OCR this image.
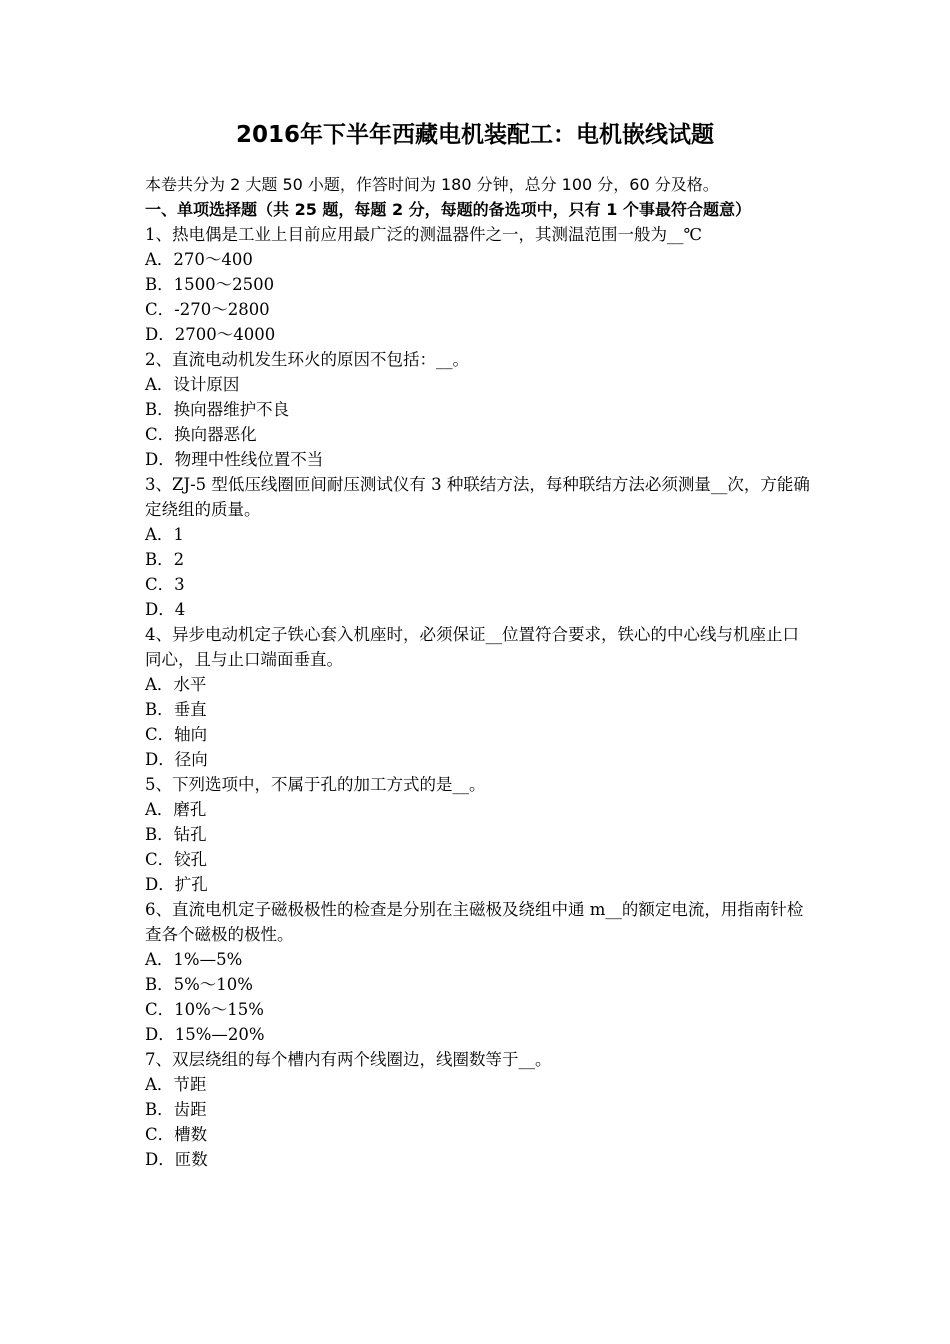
2016年下半年西藏电机装配工：电机嵌线试题
本卷共分为 2 大题 50 小题，作答时间为 180 分钟，总分 100 分，60 分及格。
一、单项选择题（共 25 题，每题 2 分，每题的备选项中，只有 1 个事最符合题意）
1、热电偶是工业上目前应用最广泛的测温器件之一，其测温范围一般为__℃
A．270～400
B．1500～2500
C．-270～2800
D．2700～4000
2、直流电动机发生环火的原因不包括：__。
A．设计原因
B．换向器维护不良
C．换向器恶化
D．物理中性线位置不当
3、ZJ-5 型低压线圈匝间耐压测试仪有 3 种联结方法，每种联结方法必须测量__次，方能确定绕组的质量。
A．1
B．2
C．3
D．4
4、异步电动机定子铁心套入机座时，必须保证__位置符合要求，铁心的中心线与机座止口同心，且与止口端面垂直。
A．水平
B．垂直
C．轴向
D．径向
5、下列选项中，不属于孔的加工方式的是__。
A．磨孔
B．钻孔
C．铰孔
D．扩孔
6、直流电机定子磁极极性的检查是分别在主磁极及绕组中通 m__的额定电流，用指南针检查各个磁极的极性。
A．1%—5%
B．5%～10%
C．10%～15%
D．15%—20%
7、双层绕组的每个槽内有两个线圈边，线圈数等于__。
A．节距
B．齿距
C．槽数
D．匝数
